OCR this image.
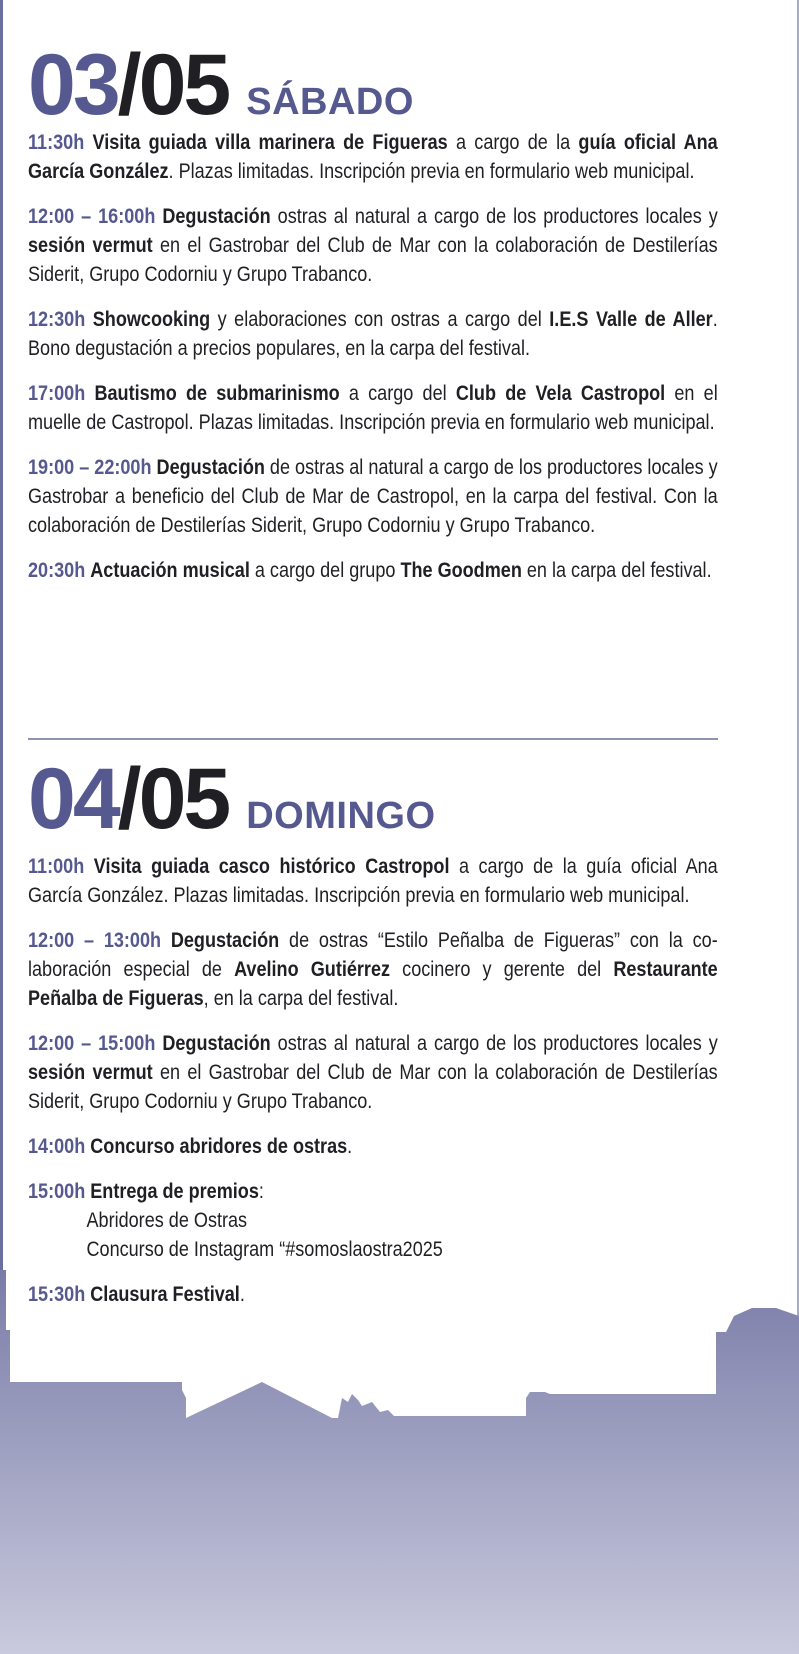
03/05 SÁBADO
11:30h Visita guiada villa marinera de Figueras a cargo de la guía oficial Ana García González. Plazas limitadas. Inscripción previa en formulario web municipal.
12:00 – 16:00h Degustación ostras al natural a cargo de los productores locales y sesión vermut en el Gastrobar del Club de Mar con la colaboración de Destilerías Siderit, Grupo Codorniu y Grupo Trabanco.
12:30h Showcooking y elaboraciones con ostras a cargo del I.E.S Valle de Aller. Bono degustación a precios populares, en la carpa del festival.
17:00h Bautismo de submarinismo a cargo del Club de Vela Castropol en el muelle de Castropol. Plazas limitadas. Inscripción previa en formulario web municipal.
19:00 – 22:00h Degustación de ostras al natural a cargo de los productores locales y Gastrobar a beneficio del Club de Mar de Castropol, en la carpa del festival. Con la colaboración de Destilerías Siderit, Grupo Codorniu y Grupo Trabanco.
20:30h Actuación musical a cargo del grupo The Goodmen en la carpa del festival.
04/05 DOMINGO
11:00h Visita guiada casco histórico Castropol a cargo de la guía oficial Ana García González. Plazas limitadas. Inscripción previa en formulario web municipal.
12:00 – 13:00h Degustación de ostras “Estilo Peñalba de Figueras” con la co-laboración especial de Avelino Gutiérrez cocinero y gerente del Restaurante Peñalba de Figueras, en la carpa del festival.
12:00 – 15:00h Degustación ostras al natural a cargo de los productores locales y sesión vermut en el Gastrobar del Club de Mar con la colaboración de Destilerías Siderit, Grupo Codorniu y Grupo Trabanco.
14:00h Concurso abridores de ostras.
15:00h Entrega de premios:
Abridores de Ostras
Concurso de Instagram “#somoslaostra2025
15:30h Clausura Festival.
